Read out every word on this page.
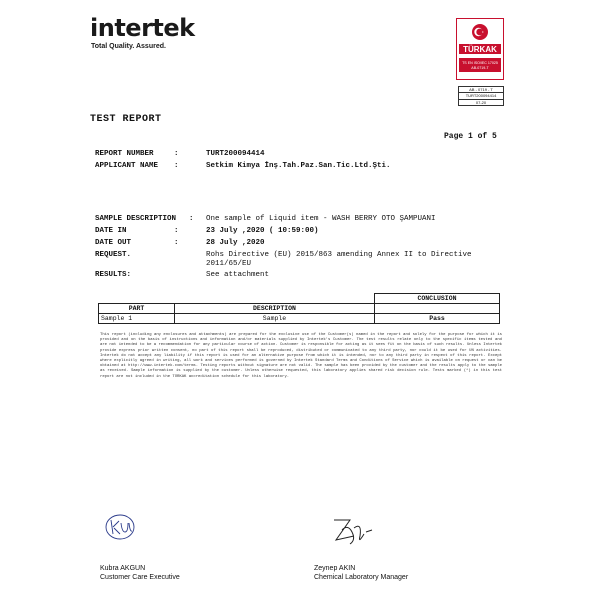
intertek
Total Quality. Assured.	TÜRKAK
TS EN ISO/IEC 17025
AB-0719-T
AB - 0719 - T
TURT200094414
07-20
TEST REPORT
Page 1 of 5
REPORT NUMBER	:	TURT200094414
APPLICANT NAME :	Setkim Kimya İnş.Tah.Paz.San.Tic.Ltd.Şti.
SAMPLE DESCRIPTION : One sample of Liquid item - WASH BERRY OTO ŞAMPUANI
DATE IN	:	23 July ,2020 ( 10:59:00)
DATE OUT	:	28 July ,2020
REQUEST.	Rohs Directive (EU) 2015/863 amending Annex II to Directive 2011/65/EU
RESULTS:	See attachment
		CONCLUSION
PART	DESCRIPTION	
Sample 1	Sample	Pass
This report (including any enclosures and attachments) are prepared for the exclusive use of the Customer(s) named in the report and solely for the purpose for which it is provided and on the basis of instructions and information and/or materials supplied by Intertek's Customer. The test results relate only to the specific items tested and are not intended to be a recommendation for any particular course of action. Customer is responsible for acting as it sees fit on the basis of such results. Unless Intertek provide express prior written consent, no part of this report shall be reproduced, distributed or communicated to any third party, nor could it be used for UN activities. Intertek do not accept any liability if this report is used for an alternative purpose from which it is intended, nor to any third party in respect of this report. Except where explicitly agreed in writing, all work and services performed is governed by Intertek Standard Terms and Conditions of Service which is available on request or can be obtained at http://www.intertek.com/terms. Testing reports without signature are not valid. The sample has been provided by the customer and the results apply to the sample as received. Sample information is supplied by the customer. Unless otherwise requested, this laboratory applies shared risk decision rule. Tests marked (*) in this test report are not included in the TÜRKAK accreditation schedule for this laboratory.
Kubra AKGUN
Customer Care Executive
Zeynep AKIN
Chemical Laboratory Manager
